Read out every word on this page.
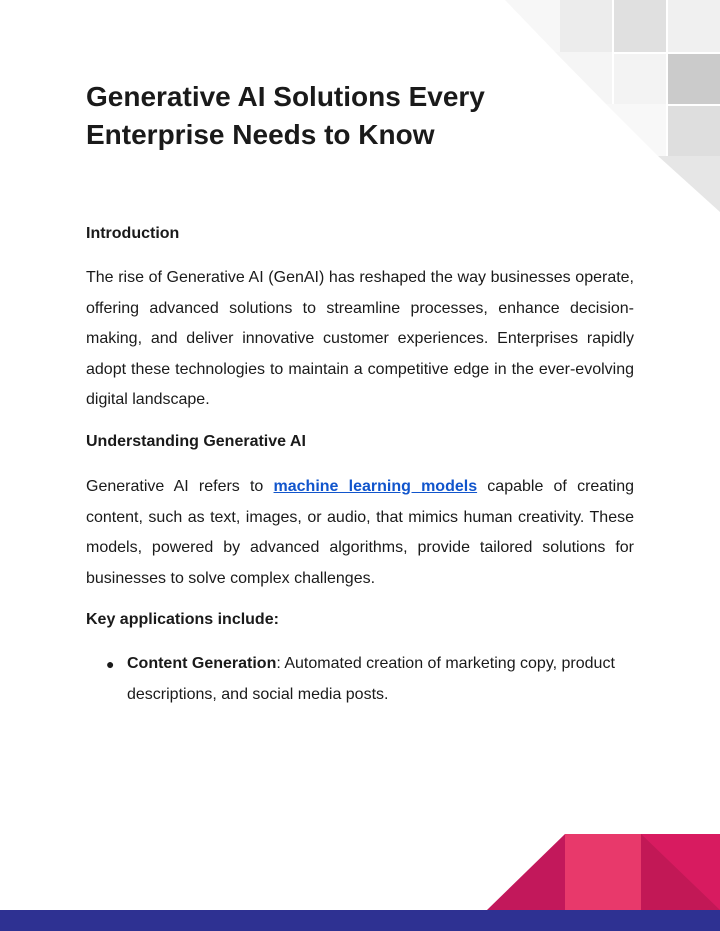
Generative AI Solutions Every Enterprise Needs to Know
Introduction

The rise of Generative AI (GenAI) has reshaped the way businesses operate, offering advanced solutions to streamline processes, enhance decision-making, and deliver innovative customer experiences. Enterprises rapidly adopt these technologies to maintain a competitive edge in the ever-evolving digital landscape.

Understanding Generative AI

Generative AI refers to machine learning models capable of creating content, such as text, images, or audio, that mimics human creativity. These models, powered by advanced algorithms, provide tailored solutions for businesses to solve complex challenges.

Key applications include:
● Content Generation: Automated creation of marketing copy, product descriptions, and social media posts.
